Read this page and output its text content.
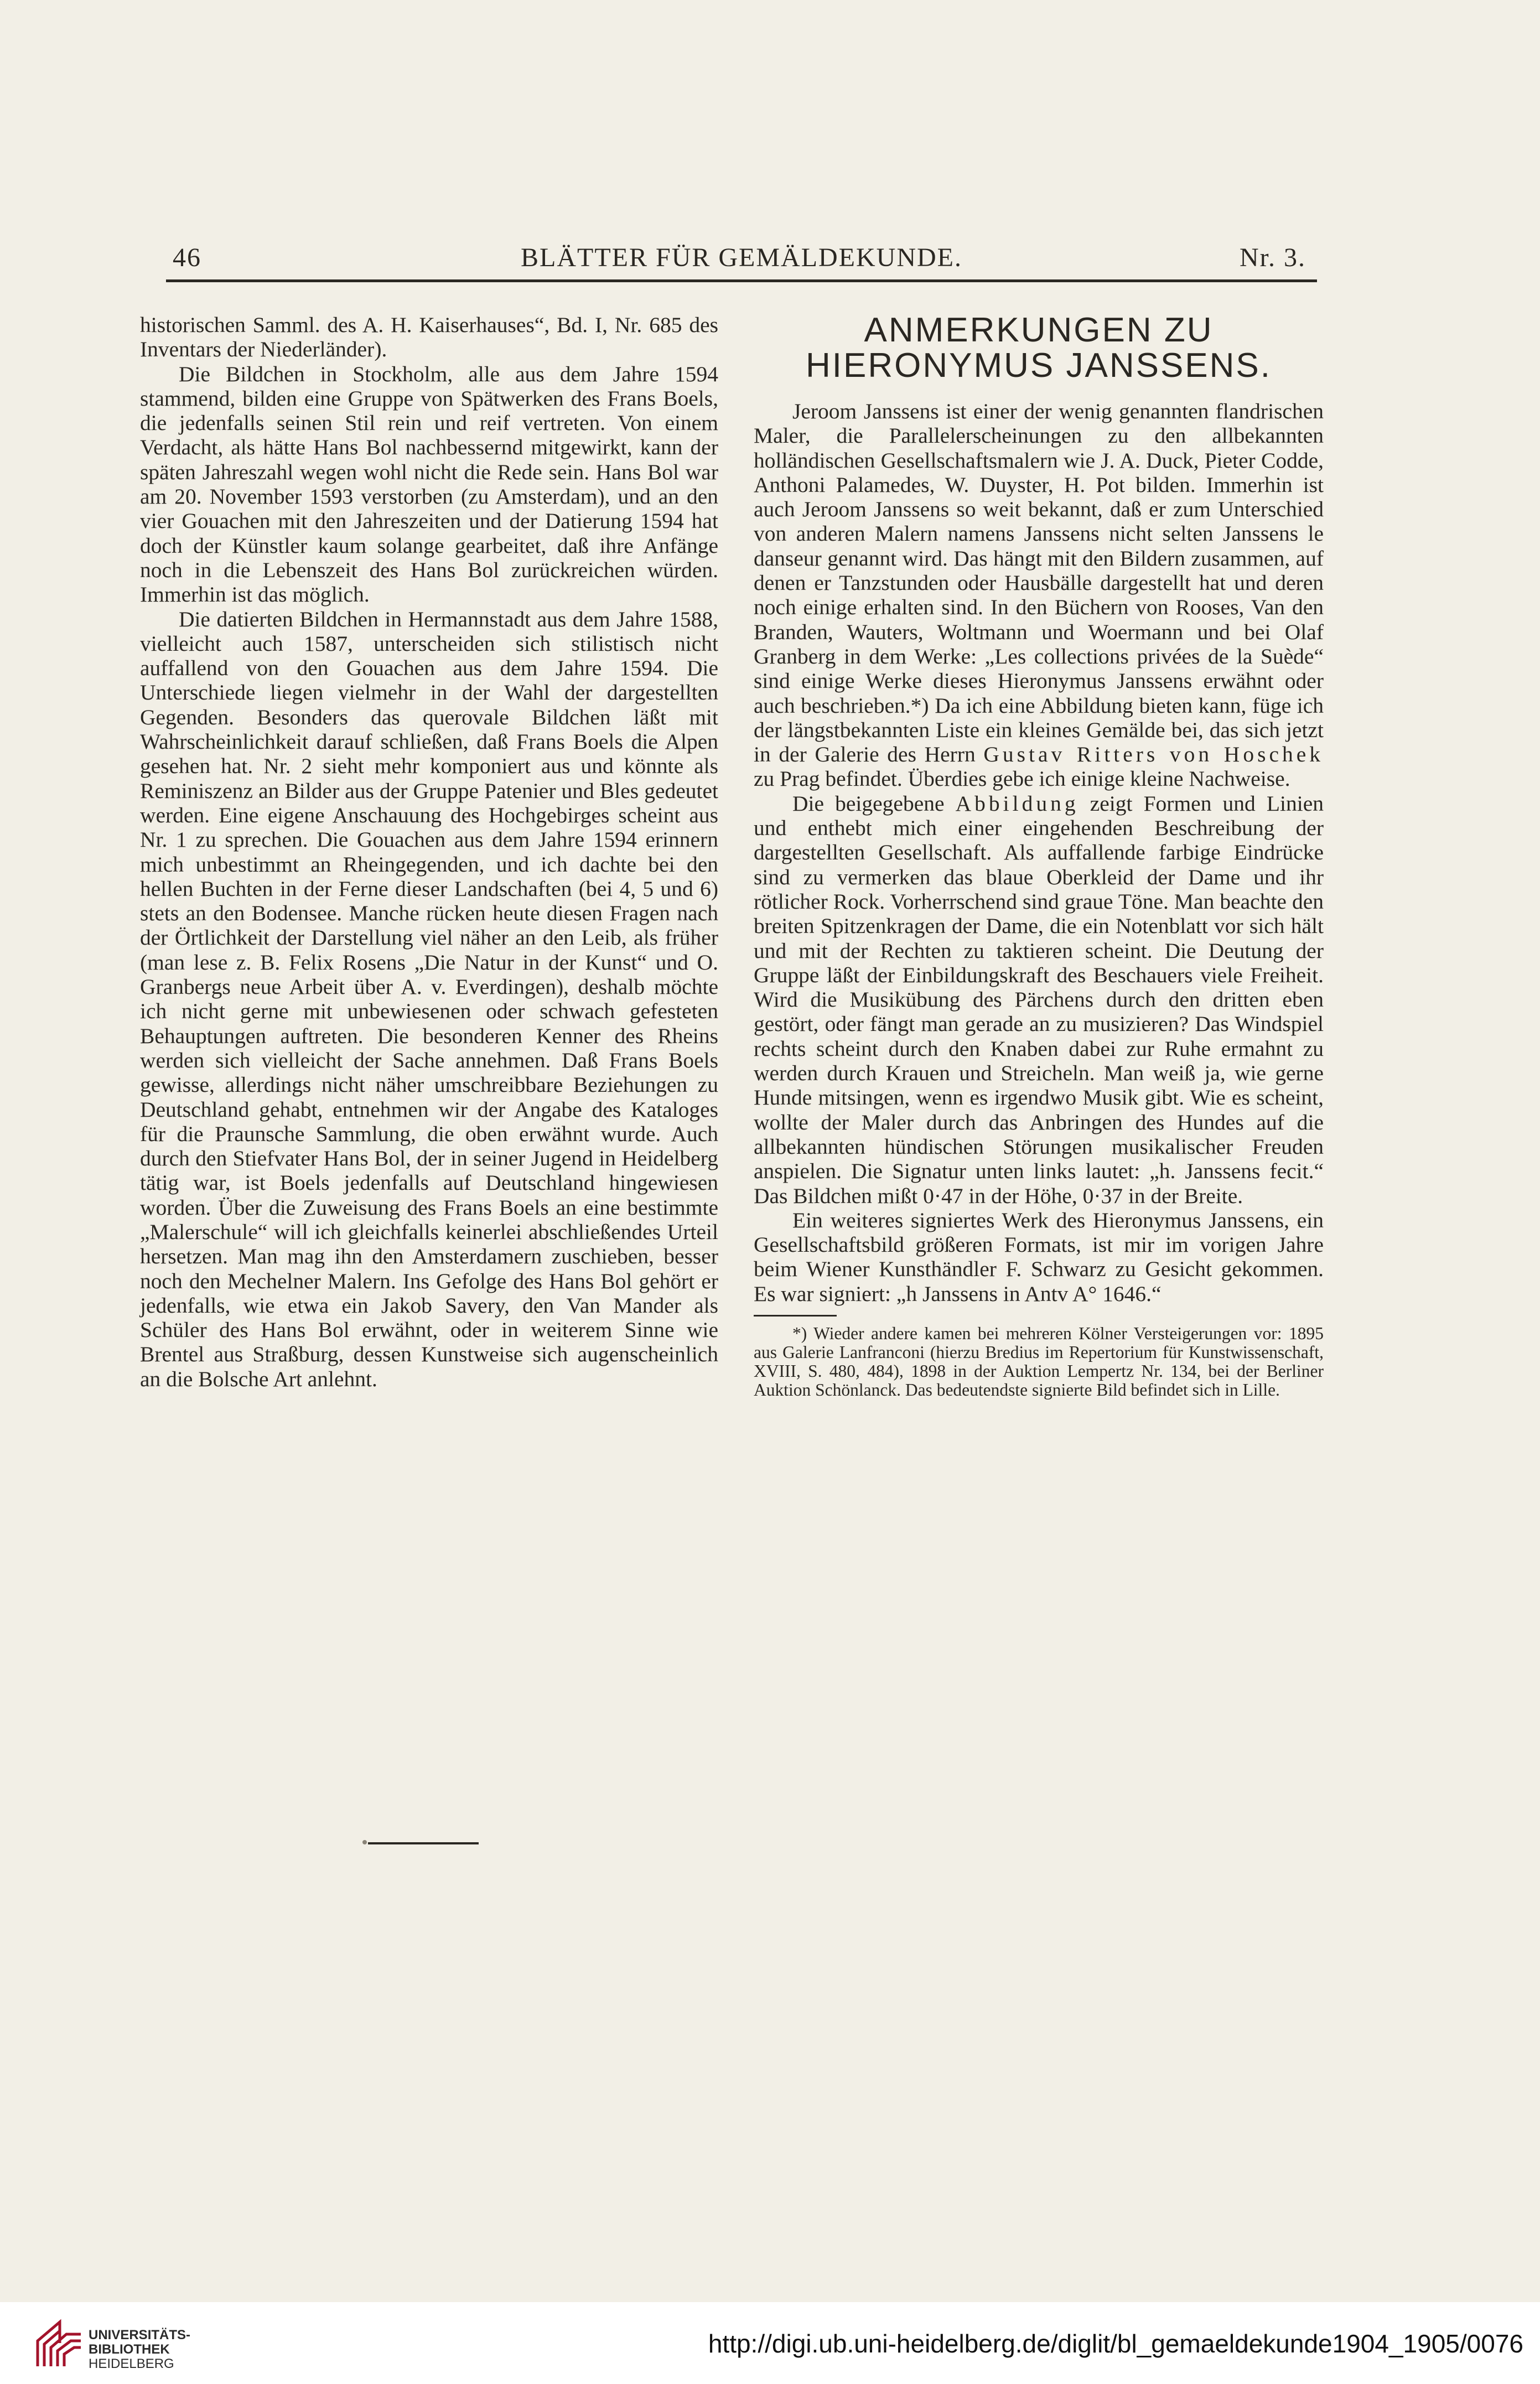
46	BLÄTTER FÜR GEMÄLDEKUNDE.	Nr. 3.

historischen Samml. des A. H. Kaiserhauses“, Bd. I, Nr. 685 des Inventars der Niederländer).

Die Bildchen in Stockholm, alle aus dem Jahre 1594 stammend, bilden eine Gruppe von Spätwerken des Frans Boels, die jedenfalls seinen Stil rein und reif vertreten. Von einem Verdacht, als hätte Hans Bol nachbessernd mitgewirkt, kann der späten Jahreszahl wegen wohl nicht die Rede sein. Hans Bol war am 20. November 1593 verstorben (zu Amsterdam), und an den vier Gouachen mit den Jahreszeiten und der Datierung 1594 hat doch der Künstler kaum solange gearbeitet, daß ihre Anfänge noch in die Lebenszeit des Hans Bol zurückreichen würden. Immerhin ist das möglich.

Die datierten Bildchen in Hermannstadt aus dem Jahre 1588, vielleicht auch 1587, unterscheiden sich stilistisch nicht auffallend von den Gouachen aus dem Jahre 1594. Die Unterschiede liegen vielmehr in der Wahl der dargestellten Gegenden. Besonders das querovale Bildchen läßt mit Wahrscheinlichkeit darauf schließen, daß Frans Boels die Alpen gesehen hat. Nr. 2 sieht mehr komponiert aus und könnte als Reminiszenz an Bilder aus der Gruppe Patenier und Bles gedeutet werden. Eine eigene Anschauung des Hochgebirges scheint aus Nr. 1 zu sprechen. Die Gouachen aus dem Jahre 1594 erinnern mich unbestimmt an Rheingegenden, und ich dachte bei den hellen Buchten in der Ferne dieser Landschaften (bei 4, 5 und 6) stets an den Bodensee. Manche rücken heute diesen Fragen nach der Örtlichkeit der Darstellung viel näher an den Leib, als früher (man lese z. B. Felix Rosens „Die Natur in der Kunst“ und O. Granbergs neue Arbeit über A. v. Everdingen), deshalb möchte ich nicht gerne mit unbewiesenen oder schwach gefesteten Behauptungen auftreten. Die besonderen Kenner des Rheins werden sich vielleicht der Sache annehmen. Daß Frans Boels gewisse, allerdings nicht näher umschreibbare Beziehungen zu Deutschland gehabt, entnehmen wir der Angabe des Kataloges für die Praunsche Sammlung, die oben erwähnt wurde. Auch durch den Stiefvater Hans Bol, der in seiner Jugend in Heidelberg tätig war, ist Boels jedenfalls auf Deutschland hingewiesen worden. Über die Zuweisung des Frans Boels an eine bestimmte „Malerschule“ will ich gleichfalls keinerlei abschließendes Urteil hersetzen. Man mag ihn den Amsterdamern zuschieben, besser noch den Mechelner Malern. Ins Gefolge des Hans Bol gehört er jedenfalls, wie etwa ein Jakob Savery, den Van Mander als Schüler des Hans Bol erwähnt, oder in weiterem Sinne wie Brentel aus Straßburg, dessen Kunstweise sich augenscheinlich an die Bolsche Art anlehnt.

ANMERKUNGEN ZU HIERONYMUS JANSSENS.

Jeroom Janssens ist einer der wenig genannten flandrischen Maler, die Parallelerscheinungen zu den allbekannten holländischen Gesellschaftsmalern wie J. A. Duck, Pieter Codde, Anthoni Palamedes, W. Duyster, H. Pot bilden. Immerhin ist auch Jeroom Janssens so weit bekannt, daß er zum Unterschied von anderen Malern namens Janssens nicht selten Janssens le danseur genannt wird. Das hängt mit den Bildern zusammen, auf denen er Tanzstunden oder Hausbälle dargestellt hat und deren noch einige erhalten sind. In den Büchern von Rooses, Van den Branden, Wauters, Woltmann und Woermann und bei Olaf Granberg in dem Werke: „Les collections privées de la Suède“ sind einige Werke dieses Hieronymus Janssens erwähnt oder auch beschrieben.*) Da ich eine Abbildung bieten kann, füge ich der längstbekannten Liste ein kleines Gemälde bei, das sich jetzt in der Galerie des Herrn Gustav Ritters von Hoschek zu Prag befindet. Überdies gebe ich einige kleine Nachweise.

Die beigegebene Abbildung zeigt Formen und Linien und enthebt mich einer eingehenden Beschreibung der dargestellten Gesellschaft. Als auffallende farbige Eindrücke sind zu vermerken das blaue Oberkleid der Dame und ihr rötlicher Rock. Vorherrschend sind graue Töne. Man beachte den breiten Spitzenkragen der Dame, die ein Notenblatt vor sich hält und mit der Rechten zu taktieren scheint. Die Deutung der Gruppe läßt der Einbildungskraft des Beschauers viele Freiheit. Wird die Musikübung des Pärchens durch den dritten eben gestört, oder fängt man gerade an zu musizieren? Das Windspiel rechts scheint durch den Knaben dabei zur Ruhe ermahnt zu werden durch Krauen und Streicheln. Man weiß ja, wie gerne Hunde mitsingen, wenn es irgendwo Musik gibt. Wie es scheint, wollte der Maler durch das Anbringen des Hundes auf die allbekannten hündischen Störungen musikalischer Freuden anspielen. Die Signatur unten links lautet: „h. Janssens fecit.“ Das Bildchen mißt 0·47 in der Höhe, 0·37 in der Breite.

Ein weiteres signiertes Werk des Hieronymus Janssens, ein Gesellschaftsbild größeren Formats, ist mir im vorigen Jahre beim Wiener Kunsthändler F. Schwarz zu Gesicht gekommen. Es war signiert: „h Janssens in Antv A° 1646.“

*) Wieder andere kamen bei mehreren Kölner Versteigerungen vor: 1895 aus Galerie Lanfranconi (hierzu Bredius im Repertorium für Kunstwissenschaft, XVIII, S. 480, 484), 1898 in der Auktion Lempertz Nr. 134, bei der Berliner Auktion Schönlanck. Das bedeutendste signierte Bild befindet sich in Lille.

UNIVERSITÄTS-
BIBLIOTHEK
HEIDELBERG
http://digi.ub.uni-heidelberg.de/diglit/bl_gemaeldekunde1904_1905/0076
